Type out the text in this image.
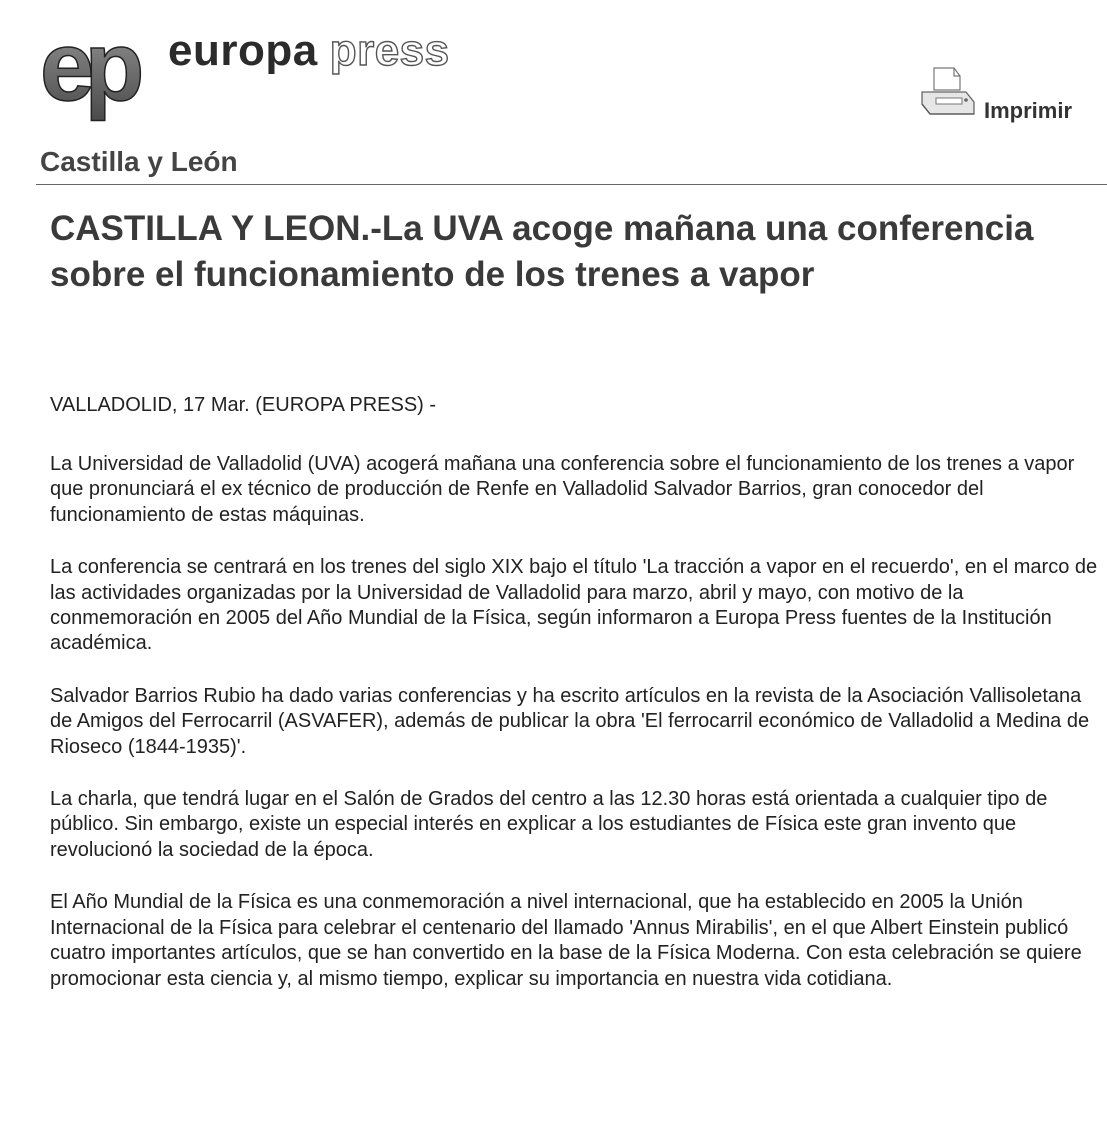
ep europa press
Imprimir
Castilla y León
CASTILLA Y LEON.-La UVA acoge mañana una conferencia sobre el funcionamiento de los trenes a vapor
VALLADOLID, 17 Mar. (EUROPA PRESS) -

La Universidad de Valladolid (UVA) acogerá mañana una conferencia sobre el funcionamiento de los trenes a vapor que pronunciará el ex técnico de producción de Renfe en Valladolid Salvador Barrios, gran conocedor del funcionamiento de estas máquinas.

La conferencia se centrará en los trenes del siglo XIX bajo el título 'La tracción a vapor en el recuerdo', en el marco de las actividades organizadas por la Universidad de Valladolid para marzo, abril y mayo, con motivo de la conmemoración en 2005 del Año Mundial de la Física, según informaron a Europa Press fuentes de la Institución académica.

Salvador Barrios Rubio ha dado varias conferencias y ha escrito artículos en la revista de la Asociación Vallisoletana de Amigos del Ferrocarril (ASVAFER), además de publicar la obra 'El ferrocarril económico de Valladolid a Medina de Rioseco (1844-1935)'.

La charla, que tendrá lugar en el Salón de Grados del centro a las 12.30 horas está orientada a cualquier tipo de público. Sin embargo, existe un especial interés en explicar a los estudiantes de Física este gran invento que revolucionó la sociedad de la época.

El Año Mundial de la Física es una conmemoración a nivel internacional, que ha establecido en 2005 la Unión Internacional de la Física para celebrar el centenario del llamado 'Annus Mirabilis', en el que Albert Einstein publicó cuatro importantes artículos, que se han convertido en la base de la Física Moderna. Con esta celebración se quiere promocionar esta ciencia y, al mismo tiempo, explicar su importancia en nuestra vida cotidiana.
